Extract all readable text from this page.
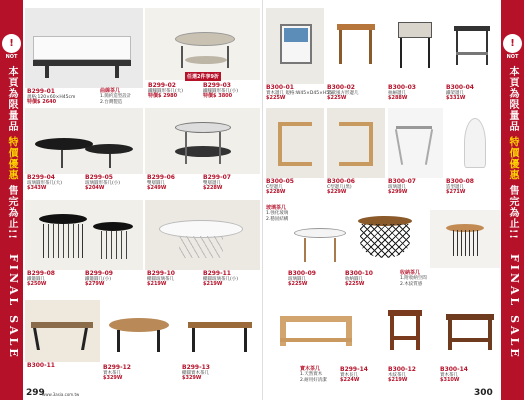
!
NOT
本頁為限量品 特價優惠 售完為止!!
FINAL SALE
!
NOT
本頁為限量品 特價優惠 售完為止!!
FINAL SALE
B299-01
規格:120×60×H45cm
特價$ 2640
曲線茶几
1.簡約造型設計
2.台灣製造
任選2件享9折
B299-02
鐵腳圓形茶几(大)
特價$ 2980
B299-03
鐵腳圓形茶几(小)
特價$ 3800
B299-04
玻璃圓形茶几(大)
$343W
B299-05
玻璃圓形茶几(小)
$204W
B299-06
雙層圓几
$249W
B299-07
雙層邊几
$228W
B299-08
鐵籠圓几
$250W
B299-09
鐵籠圓几(小)
$279W
B299-10
橢圓玻璃茶几
$219W
B299-11
橢圓玻璃茶几(小)
$219W
B300-11	B299-12
實木茶几
$329W
B299-13
橢圓實木茶几
$329W
299
www.3asia.com.tw
B300-01
實木邊几 規格:W45×D45×H55
$225W
B300-02
北歐風方形邊几
$225W
B300-03
抽屜邊几
$288W
B300-04
鐵架邊几
$331W
B300-05
C型邊几
$228W
B300-06
C型邊几(黑)
$229W
B300-07
玻璃邊几
$299W
B300-08
造型邊几
$271W
玻璃茶几
1.強化玻璃
2.穩固結構
B300-09
玻璃圓几
$225W
B300-10
收納圓几
$225W
收納茶几
1.附收納空間
2.木紋質感
實木茶几
1.天然實木
2.耐用好清潔
B299-14
實木長几
$224W
B300-12
木紋茶几
$219W
B300-14
實木茶几
$310W
300
